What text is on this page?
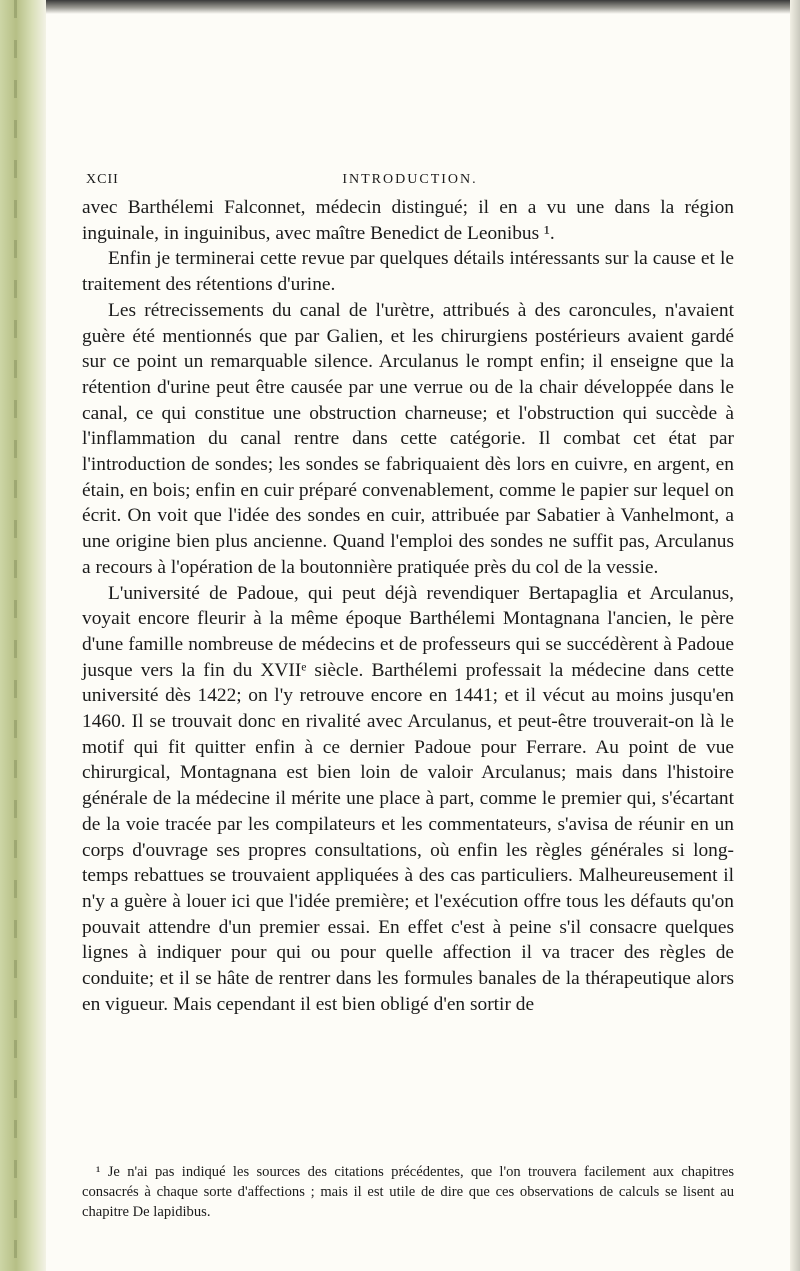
XCII	INTRODUCTION.

avec Barthélemi Falconnet, médecin distingué; il en a vu une dans la région inguinale, in inguinibus, avec maître Benedict de Leonibus ¹.

Enfin je terminerai cette revue par quelques détails intéressants sur la cause et le traitement des rétentions d'urine.

Les rétrecissements du canal de l'urètre, attribués à des caroncules, n'avaient guère été mentionnés que par Galien, et les chirurgiens postérieurs avaient gardé sur ce point un remarquable silence. Arculanus le rompt enfin; il enseigne que la rétention d'urine peut être causée par une verrue ou de la chair développée dans le canal, ce qui constitue une obstruction charneuse; et l'obstruction qui succède à l'inflammation du canal rentre dans cette catégorie. Il combat cet état par l'introduction de sondes; les sondes se fabriquaient dès lors en cuivre, en argent, en étain, en bois; enfin en cuir préparé convenablement, comme le papier sur lequel on écrit. On voit que l'idée des sondes en cuir, attribuée par Sabatier à Vanhelmont, a une origine bien plus ancienne. Quand l'emploi des sondes ne suffit pas, Arculanus a recours à l'opération de la boutonnière pratiquée près du col de la vessie.

L'université de Padoue, qui peut déjà revendiquer Bertapaglia et Arculanus, voyait encore fleurir à la même époque Barthélemi Montagnana l'ancien, le père d'une famille nombreuse de médecins et de professeurs qui se succédèrent à Padoue jusque vers la fin du XVIIᵉ siècle. Barthélemi professait la médecine dans cette université dès 1422; on l'y retrouve encore en 1441; et il vécut au moins jusqu'en 1460. Il se trouvait donc en rivalité avec Arculanus, et peut-être trouverait-on là le motif qui fit quitter enfin à ce dernier Padoue pour Ferrare. Au point de vue chirurgical, Montagnana est bien loin de valoir Arculanus; mais dans l'histoire générale de la médecine il mérite une place à part, comme le premier qui, s'écartant de la voie tracée par les compilateurs et les commentateurs, s'avisa de réunir en un corps d'ouvrage ses propres consultations, où enfin les règles générales si long-temps rebattues se trouvaient appliquées à des cas particuliers. Malheureusement il n'y a guère à louer ici que l'idée première; et l'exécution offre tous les défauts qu'on pouvait attendre d'un premier essai. En effet c'est à peine s'il consacre quelques lignes à indiquer pour qui ou pour quelle affection il va tracer des règles de conduite; et il se hâte de rentrer dans les formules banales de la thérapeutique alors en vigueur. Mais cependant il est bien obligé d'en sortir de

¹ Je n'ai pas indiqué les sources des citations précédentes, que l'on trouvera facilement aux chapitres consacrés à chaque sorte d'affections ; mais il est utile de dire que ces observations de calculs se lisent au chapitre De lapidibus.
